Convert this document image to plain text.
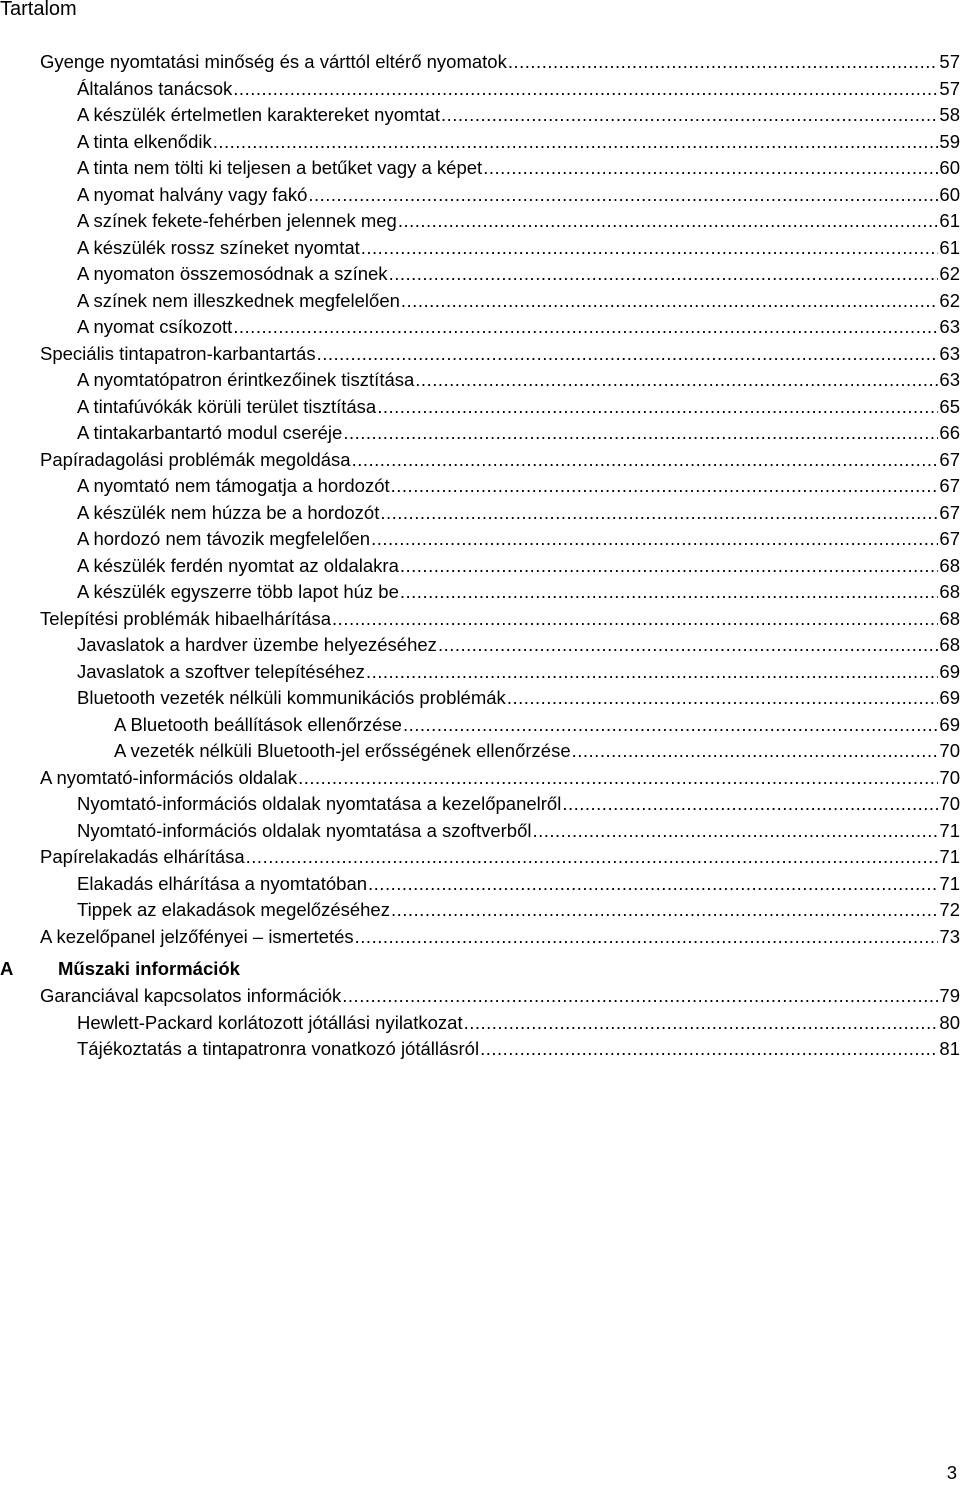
Tartalom
Gyenge nyomtatási minőség és a várttól eltérő nyomatok .....	57
Általános tanácsok .....	57
A készülék értelmetlen karaktereket nyomtat .....	58
A tinta elkenődik .....	59
A tinta nem tölti ki teljesen a betűket vagy a képet .....	60
A nyomat halvány vagy fakó .....	60
A színek fekete-fehérben jelennek meg .....	61
A készülék rossz színeket nyomtat .....	61
A nyomaton összemosódnak a színek .....	62
A színek nem illeszkednek megfelelően .....	62
A nyomat csíkozott .....	63
Speciális tintapatron-karbantartás .....	63
A nyomtatópatron érintkezőinek tisztítása .....	63
A tintafúvókák körüli terület tisztítása .....	65
A tintakarbantartó modul cseréje .....	66
Papíradagolási problémák megoldása .....	67
A nyomtató nem támogatja a hordozót .....	67
A készülék nem húzza be a hordozót .....	67
A hordozó nem távozik megfelelően .....	67
A készülék ferdén nyomtat az oldalakra .....	68
A készülék egyszerre több lapot húz be .....	68
Telepítési problémák hibaelhárítása .....	68
Javaslatok a hardver üzembe helyezéséhez .....	68
Javaslatok a szoftver telepítéséhez .....	69
Bluetooth vezeték nélküli kommunikációs problémák .....	69
A Bluetooth beállítások ellenőrzése .....	69
A vezeték nélküli Bluetooth-jel erősségének ellenőrzése .....	70
A nyomtató-információs oldalak .....	70
Nyomtató-információs oldalak nyomtatása a kezelőpanelről .....	70
Nyomtató-információs oldalak nyomtatása a szoftverből .....	71
Papírelakadás elhárítása .....	71
Elakadás elhárítása a nyomtatóban .....	71
Tippek az elakadások megelőzéséhez .....	72
A kezelőpanel jelzőfényei – ismertetés .....	73
A Műszaki információk
Garanciával kapcsolatos információk .....	79
Hewlett-Packard korlátozott jótállási nyilatkozat .....	80
Tájékoztatás a tintapatronra vonatkozó jótállásról .....	81
3
